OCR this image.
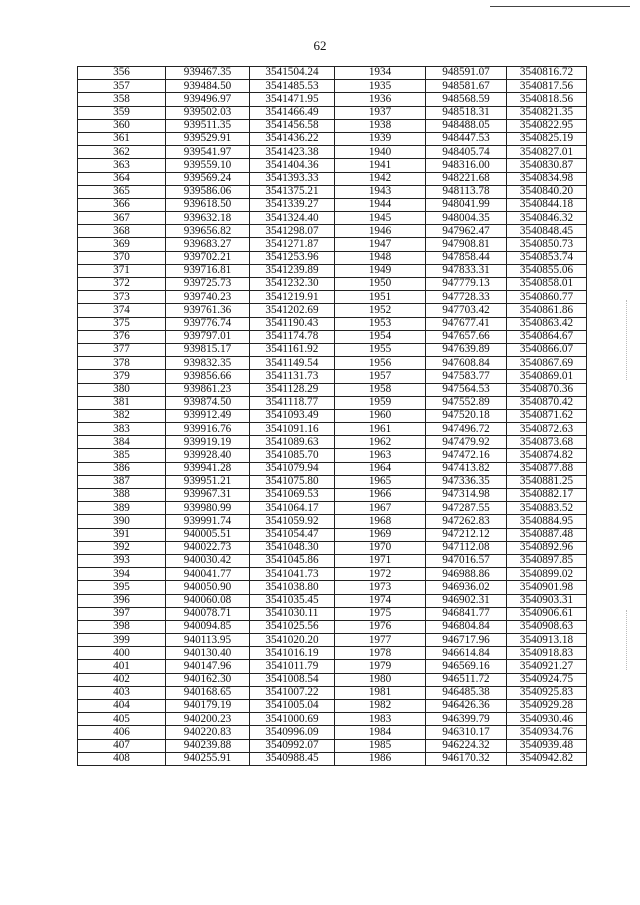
62
356	939467.35	3541504.24	1934	948591.07	3540816.72
357	939484.50	3541485.53	1935	948581.67	3540817.56
358	939496.97	3541471.95	1936	948568.59	3540818.56
359	939502.03	3541466.49	1937	948518.31	3540821.35
360	939511.35	3541456.58	1938	948488.05	3540822.95
361	939529.91	3541436.22	1939	948447.53	3540825.19
362	939541.97	3541423.38	1940	948405.74	3540827.01
363	939559.10	3541404.36	1941	948316.00	3540830.87
364	939569.24	3541393.33	1942	948221.68	3540834.98
365	939586.06	3541375.21	1943	948113.78	3540840.20
366	939618.50	3541339.27	1944	948041.99	3540844.18
367	939632.18	3541324.40	1945	948004.35	3540846.32
368	939656.82	3541298.07	1946	947962.47	3540848.45
369	939683.27	3541271.87	1947	947908.81	3540850.73
370	939702.21	3541253.96	1948	947858.44	3540853.74
371	939716.81	3541239.89	1949	947833.31	3540855.06
372	939725.73	3541232.30	1950	947779.13	3540858.01
373	939740.23	3541219.91	1951	947728.33	3540860.77
374	939761.36	3541202.69	1952	947703.42	3540861.86
375	939776.74	3541190.43	1953	947677.41	3540863.42
376	939797.01	3541174.78	1954	947657.66	3540864.67
377	939815.17	3541161.92	1955	947639.89	3540866.07
378	939832.35	3541149.54	1956	947608.84	3540867.69
379	939856.66	3541131.73	1957	947583.77	3540869.01
380	939861.23	3541128.29	1958	947564.53	3540870.36
381	939874.50	3541118.77	1959	947552.89	3540870.42
382	939912.49	3541093.49	1960	947520.18	3540871.62
383	939916.76	3541091.16	1961	947496.72	3540872.63
384	939919.19	3541089.63	1962	947479.92	3540873.68
385	939928.40	3541085.70	1963	947472.16	3540874.82
386	939941.28	3541079.94	1964	947413.82	3540877.88
387	939951.21	3541075.80	1965	947336.35	3540881.25
388	939967.31	3541069.53	1966	947314.98	3540882.17
389	939980.99	3541064.17	1967	947287.55	3540883.52
390	939991.74	3541059.92	1968	947262.83	3540884.95
391	940005.51	3541054.47	1969	947212.12	3540887.48
392	940022.73	3541048.30	1970	947112.08	3540892.96
393	940030.42	3541045.86	1971	947016.57	3540897.85
394	940041.77	3541041.73	1972	946988.86	3540899.02
395	940050.90	3541038.80	1973	946936.02	3540901.98
396	940060.08	3541035.45	1974	946902.31	3540903.31
397	940078.71	3541030.11	1975	946841.77	3540906.61
398	940094.85	3541025.56	1976	946804.84	3540908.63
399	940113.95	3541020.20	1977	946717.96	3540913.18
400	940130.40	3541016.19	1978	946614.84	3540918.83
401	940147.96	3541011.79	1979	946569.16	3540921.27
402	940162.30	3541008.54	1980	946511.72	3540924.75
403	940168.65	3541007.22	1981	946485.38	3540925.83
404	940179.19	3541005.04	1982	946426.36	3540929.28
405	940200.23	3541000.69	1983	946399.79	3540930.46
406	940220.83	3540996.09	1984	946310.17	3540934.76
407	940239.88	3540992.07	1985	946224.32	3540939.48
408	940255.91	3540988.45	1986	946170.32	3540942.82
